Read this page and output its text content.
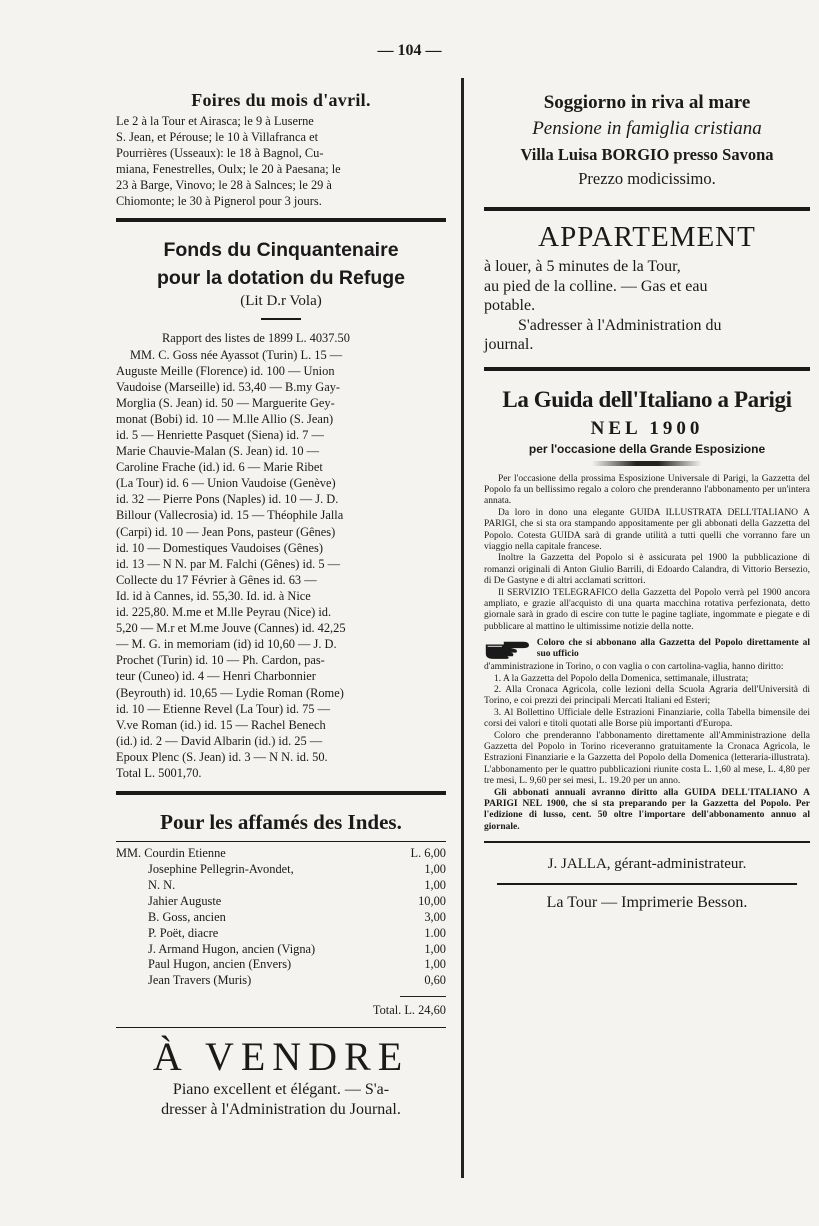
— 104 —
Foires du mois d'avril.
Le 2 à la Tour et Airasca; le 9 à Luserne
S. Jean, et Pérouse; le 10 à Villafranca et
Pourrières (Usseaux): le 18 à Bagnol, Cu-
miana, Fenestrelles, Oulx; le 20 à Paesana; le
23 à Barge, Vinovo; le 28 à Salnces; le 29 à
Chiomonte; le 30 à Pignerol pour 3 jours.
Fonds du Cinquantenaire
pour la dotation du Refuge
(Lit D.r Vola)
Rapport des listes de 1899 L. 4037.50
MM. C. Goss née Ayassot (Turin) L. 15 —
Auguste Meille (Florence) id. 100 — Union
Vaudoise (Marseille) id. 53,40 — B.my Gay-
Morglia (S. Jean) id. 50 — Marguerite Gey-
monat (Bobi) id. 10 — M.lle Allio (S. Jean)
id. 5 — Henriette Pasquet (Siena) id. 7 —
Marie Chauvie-Malan (S. Jean) id. 10 —
Caroline Frache (id.) id. 6 — Marie Ribet
(La Tour) id. 6 — Union Vaudoise (Genève)
id. 32 — Pierre Pons (Naples) id. 10 — J. D.
Billour (Vallecrosia) id. 15 — Théophile Jalla
(Carpi) id. 10 — Jean Pons, pasteur (Gênes)
id. 10 — Domestiques Vaudoises (Gênes)
id. 13 — N N. par M. Falchi (Gênes) id. 5 —
Collecte du 17 Février à Gênes id. 63 —
Id. id à Cannes, id. 55,30. Id. id. à Nice
id. 225,80. M.me et M.lle Peyrau (Nice) id.
5,20 — M.r et M.me Jouve (Cannes) id. 42,25
— M. G. in memoriam (id) id 10,60 — J. D.
Prochet (Turin) id. 10 — Ph. Cardon, pas-
teur (Cuneo) id. 4 — Henri Charbonnier
(Beyrouth) id. 10,65 — Lydie Roman (Rome)
id. 10 — Etienne Revel (La Tour) id. 75 —
V.ve Roman (id.) id. 15 — Rachel Benech
(id.) id. 2 — David Albarin (id.) id. 25 —
Epoux Plenc (S. Jean) id. 3 — N N. id. 50.
Total L. 5001,70.
Pour les affamés des Indes.
MM. Courdin Etienne	L. 6,00
Josephine Pellegrin-Avondet,	1,00
N. N.	1,00
Jahier Auguste	10,00
B. Goss, ancien	3,00
P. Poët, diacre	1.00
J. Armand Hugon, ancien (Vigna)	1,00
Paul Hugon, ancien (Envers)	1,00
Jean Travers (Muris)	0,60
Total. L. 24,60
À VENDRE
Piano excellent et élégant. — S'a-
dresser à l'Administration du Journal.
Soggiorno in riva al mare
Pensione in famiglia cristiana
Villa Luisa BORGIO presso Savona
Prezzo modicissimo.
APPARTEMENT
à louer, à 5 minutes de la Tour,
au pied de la colline. — Gas et eau
potable.
S'adresser à l'Administration du
journal.
La Guida dell'Italiano a Parigi
NEL 1900
per l'occasione della Grande Esposizione
Per l'occasione della prossima Esposizione Universale di Parigi, la Gazzetta del Popolo fa un bellissimo regalo a coloro che prenderanno l'abbonamento per un'intera annata.
Da loro in dono una elegante GUIDA ILLUSTRATA DELL'ITALIANO A PARIGI, che si sta ora stampando appositamente per gli abbonati della Gazzetta del Popolo. Cotesta GUIDA sarà di grande utilità a tutti quelli che vorranno fare un viaggio nella capitale francese.
Inoltre la Gazzetta del Popolo si è assicurata pel 1900 la pubblicazione di romanzi originali di Anton Giulio Barrili, di Edoardo Calandra, di Vittorio Bersezio, di De Gastyne e di altri acclamati scrittori.
Il SERVIZIO TELEGRAFICO della Gazzetta del Popolo verrà pel 1900 ancora ampliato, e grazie all'acquisto di una quarta macchina rotativa perfezionata, detto giornale sarà in grado di escire con tutte le pagine tagliate, ingommate e piegate e di pubblicare al mattino le ultimissime notizie della notte.
Coloro che si abbonano alla Gazzetta del Popolo direttamente al suo ufficio
d'amministrazione in Torino, o con vaglia o con cartolina-vaglia, hanno diritto:
1. A la Gazzetta del Popolo della Domenica, settimanale, illustrata;
2. Alla Cronaca Agricola, colle lezioni della Scuola Agraria dell'Università di Torino, e coi prezzi dei principali Mercati Italiani ed Esteri;
3. Al Bollettino Ufficiale delle Estrazioni Finanziarie, colla Tabella bimensile dei corsi dei valori e titoli quotati alle Borse più importanti d'Europa.
Coloro che prenderanno l'abbonamento direttamente all'Amministrazione della Gazzetta del Popolo in Torino riceveranno gratuitamente la Cronaca Agricola, le Estrazioni Finanziarie e la Gazzetta del Popolo della Domenica (letteraria-illustrata). L'abbonamento per le quattro pubblicazioni riunite costa L. 1,60 al mese, L. 4,80 per tre mesi, L. 9,60 per sei mesi, L. 19.20 per un anno.
Gli abbonati annuali avranno diritto alla GUIDA DELL'ITALIANO A PARIGI NEL 1900, che si sta preparando per la Gazzetta del Popolo. Per l'edizione di lusso, cent. 50 oltre l'importare dell'abbonamento annuo al giornale.
J. JALLA, gérant-administrateur.
La Tour — Imprimerie Besson.
